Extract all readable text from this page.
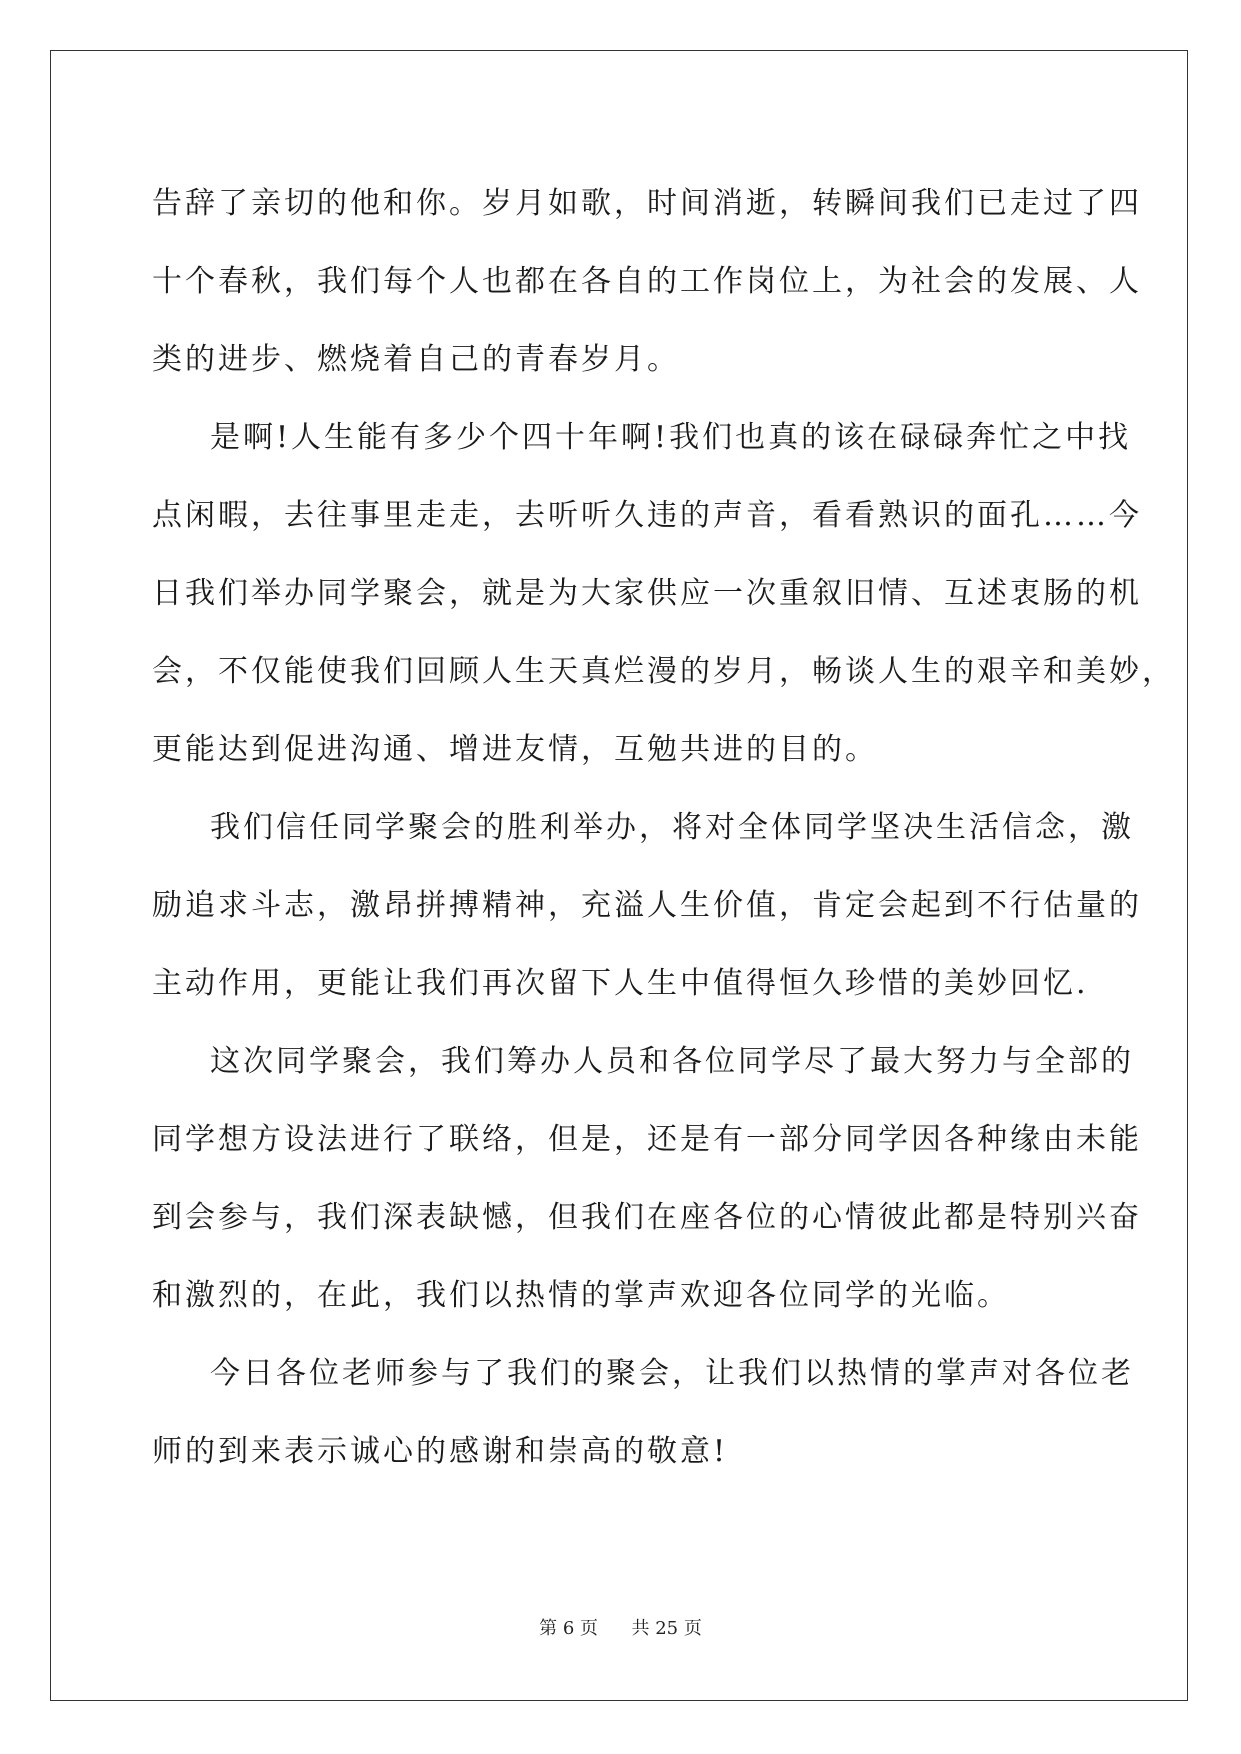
告辞了亲切的他和你。岁月如歌，时间消逝，转瞬间我们已走过了四
十个春秋，我们每个人也都在各自的工作岗位上，为社会的发展、人
类的进步、燃烧着自己的青春岁月。

是啊!人生能有多少个四十年啊!我们也真的该在碌碌奔忙之中找
点闲暇，去往事里走走，去听听久违的声音，看看熟识的面孔……今
日我们举办同学聚会，就是为大家供应一次重叙旧情、互述衷肠的机
会，不仅能使我们回顾人生天真烂漫的岁月，畅谈人生的艰辛和美妙，
更能达到促进沟通、增进友情，互勉共进的目的。

我们信任同学聚会的胜利举办，将对全体同学坚决生活信念，激
励追求斗志，激昂拼搏精神，充溢人生价值，肯定会起到不行估量的
主动作用，更能让我们再次留下人生中值得恒久珍惜的美妙回忆.

这次同学聚会，我们筹办人员和各位同学尽了最大努力与全部的
同学想方设法进行了联络，但是，还是有一部分同学因各种缘由未能
到会参与，我们深表缺憾，但我们在座各位的心情彼此都是特别兴奋
和激烈的，在此，我们以热情的掌声欢迎各位同学的光临。

今日各位老师参与了我们的聚会，让我们以热情的掌声对各位老
师的到来表示诚心的感谢和崇高的敬意!

第 6 页 共 25 页
